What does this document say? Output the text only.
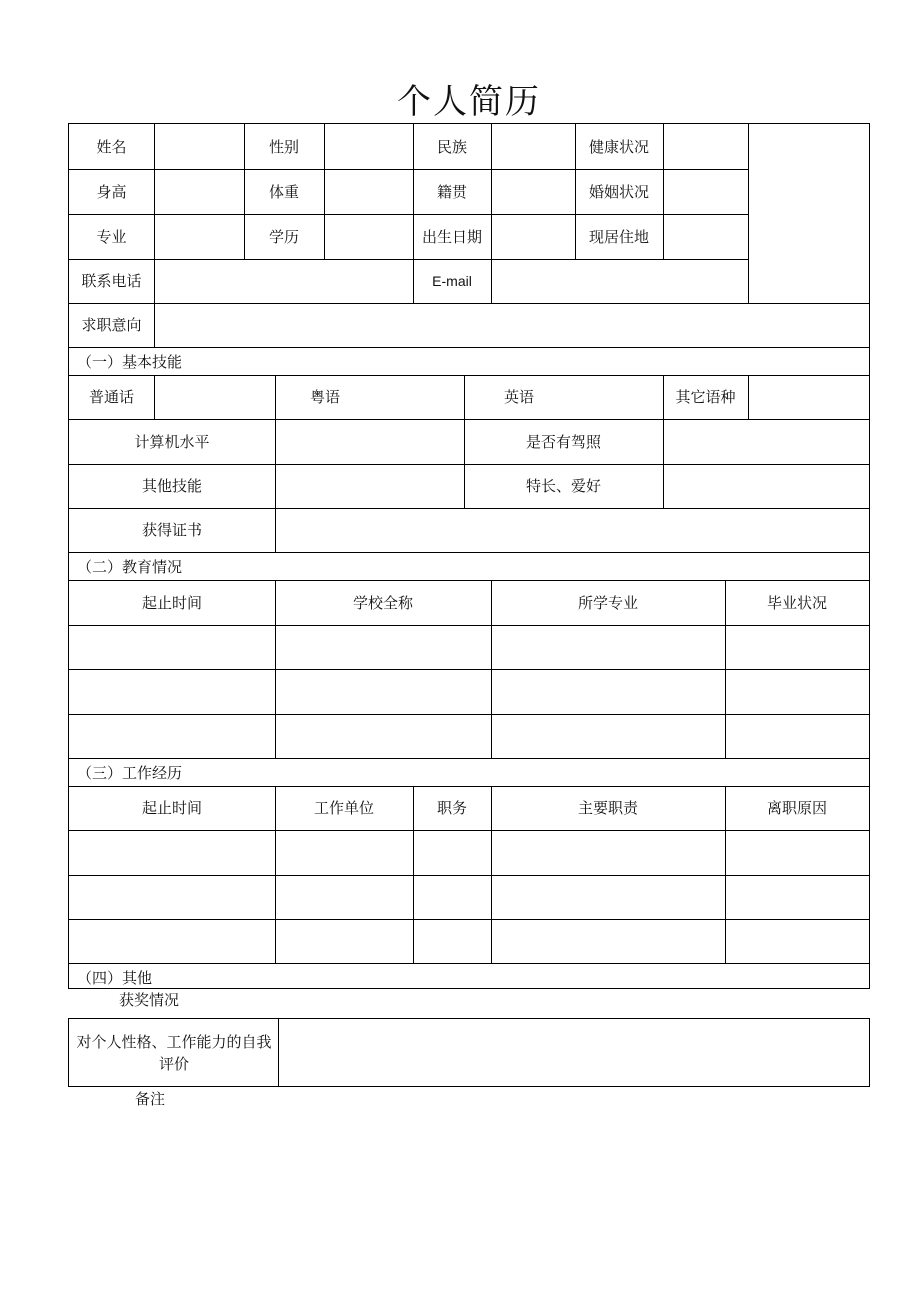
个人简历
姓名	性别	民族	健康状况
身高	体重	籍贯	婚姻状况
专业	学历	出生日期	现居住地
联系电话	E-mail
求职意向
（一）基本技能
普通话	粤语	英语	其它语种
计算机水平	是否有驾照
其他技能	特长、爱好
获得证书
（二）教育情况
起止时间	学校全称	所学专业	毕业状况
（三）工作经历
起止时间	工作单位	职务	主要职责	离职原因
（四）其他
获奖情况
对个人性格、工作能力的自我评价
备注
